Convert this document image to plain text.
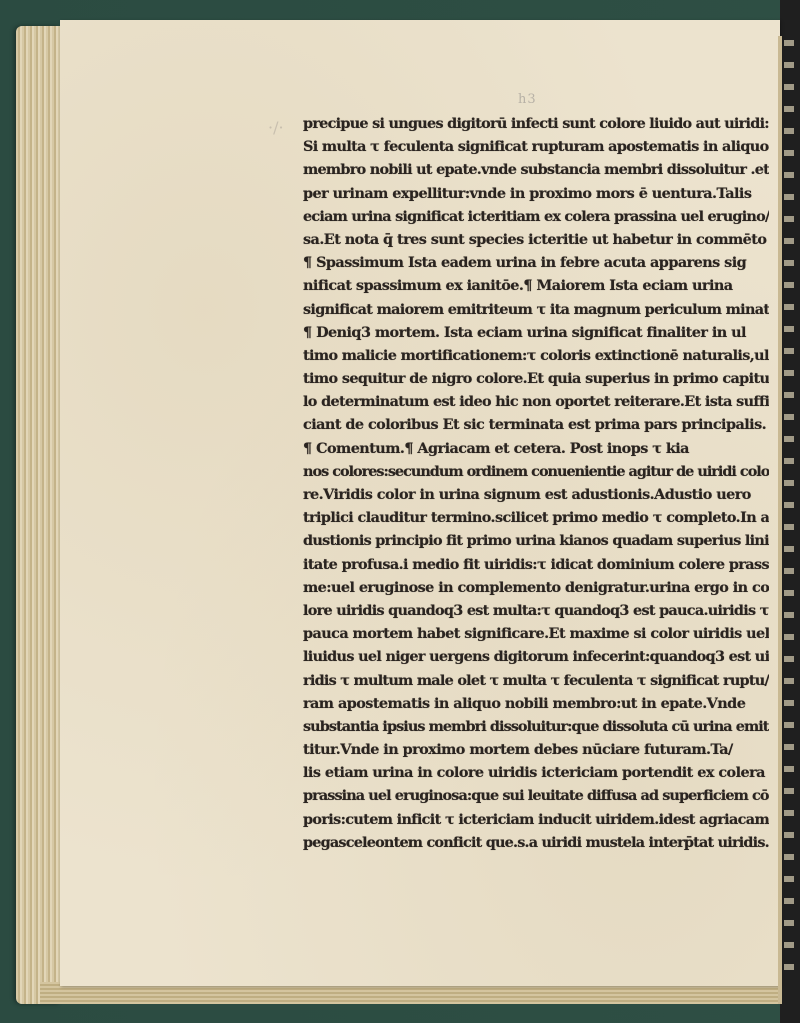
h3
·/· precipue si ungues digitorū infecti sunt colore liuido aut uiridi:
Si multa τ feculenta significat rupturam apostematis in aliquo
membro nobili ut epate.vnde substancia membri dissoluitur .et
per urinam expellitur:vnde in proximo mors ē uentura.Talis
eciam urina significat icteritiam ex colera prassina uel erugino/
sa.Et nota q̄ tres sunt species icteritie ut habetur in commēto
¶ Spassimum Ista eadem urina in febre acuta apparens sig
nificat spassimum ex ianitōe.¶ Maiorem Ista eciam urina
significat maiorem emitriteum τ ita magnum periculum minat
¶ Deniq3 mortem. Ista eciam urina significat finaliter in ul
timo malicie mortificationem:τ coloris extinctionē naturalis,ul
timo sequitur de nigro colore.Et quia superius in primo capitu
lo determinatum est ideo hic non oportet reiterare.Et ista suffi
ciant de coloribus Et sic terminata est prima pars principalis.
¶ Comentum.¶ Agriacam et cetera. Post inops τ kia
nos colores:secundum ordinem conuenientie agitur de uiridi colo
re.Viridis color in urina signum est adustionis.Adustio uero
triplici clauditur termino.scilicet primo medio τ completo.In a
dustionis principio fit primo urina kianos quadam superius lini
itate profusa.i medio fit uiridis:τ idicat dominium colere prass
me:uel eruginose in complemento denigratur.urina ergo in co
lore uiridis quandoq3 est multa:τ quandoq3 est pauca.uiridis τ
pauca mortem habet significare.Et maxime si color uiridis uel
liuidus uel niger uergens digitorum infecerint:quandoq3 est ui
ridis τ multum male olet τ multa τ feculenta τ significat ruptu/
ram apostematis in aliquo nobili membro:ut in epate.Vnde
substantia ipsius membri dissoluitur:que dissoluta cū urina emit
titur.Vnde in proximo mortem debes nūciare futuram.Ta/
lis etiam urina in colore uiridis ictericiam portendit ex colera
prassina uel eruginosa:que sui leuitate diffusa ad superficiem cō
poris:cutem inficit τ ictericiam inducit uiridem.idest agriacam
pegasceleontem conficit que.s.a uiridi mustela interp̄tat uiridis.
